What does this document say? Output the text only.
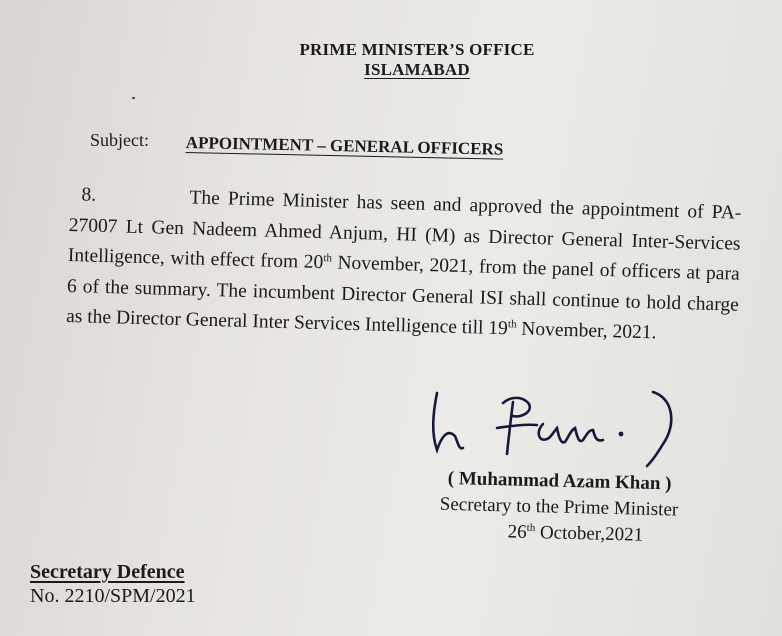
PRIME MINISTER’S OFFICE
ISLAMABAD
Subject: APPOINTMENT – GENERAL OFFICERS
8.	The Prime Minister has seen and approved the appointment of PA-27007 Lt Gen Nadeem Ahmed Anjum, HI (M) as Director General Inter-Services Intelligence, with effect from 20th November, 2021, from the panel of officers at para 6 of the summary. The incumbent Director General ISI shall continue to hold charge as the Director General Inter Services Intelligence till 19th November, 2021.
( Muhammad Azam Khan )
Secretary to the Prime Minister
26th October,2021
Secretary Defence
No. 2210/SPM/2021
